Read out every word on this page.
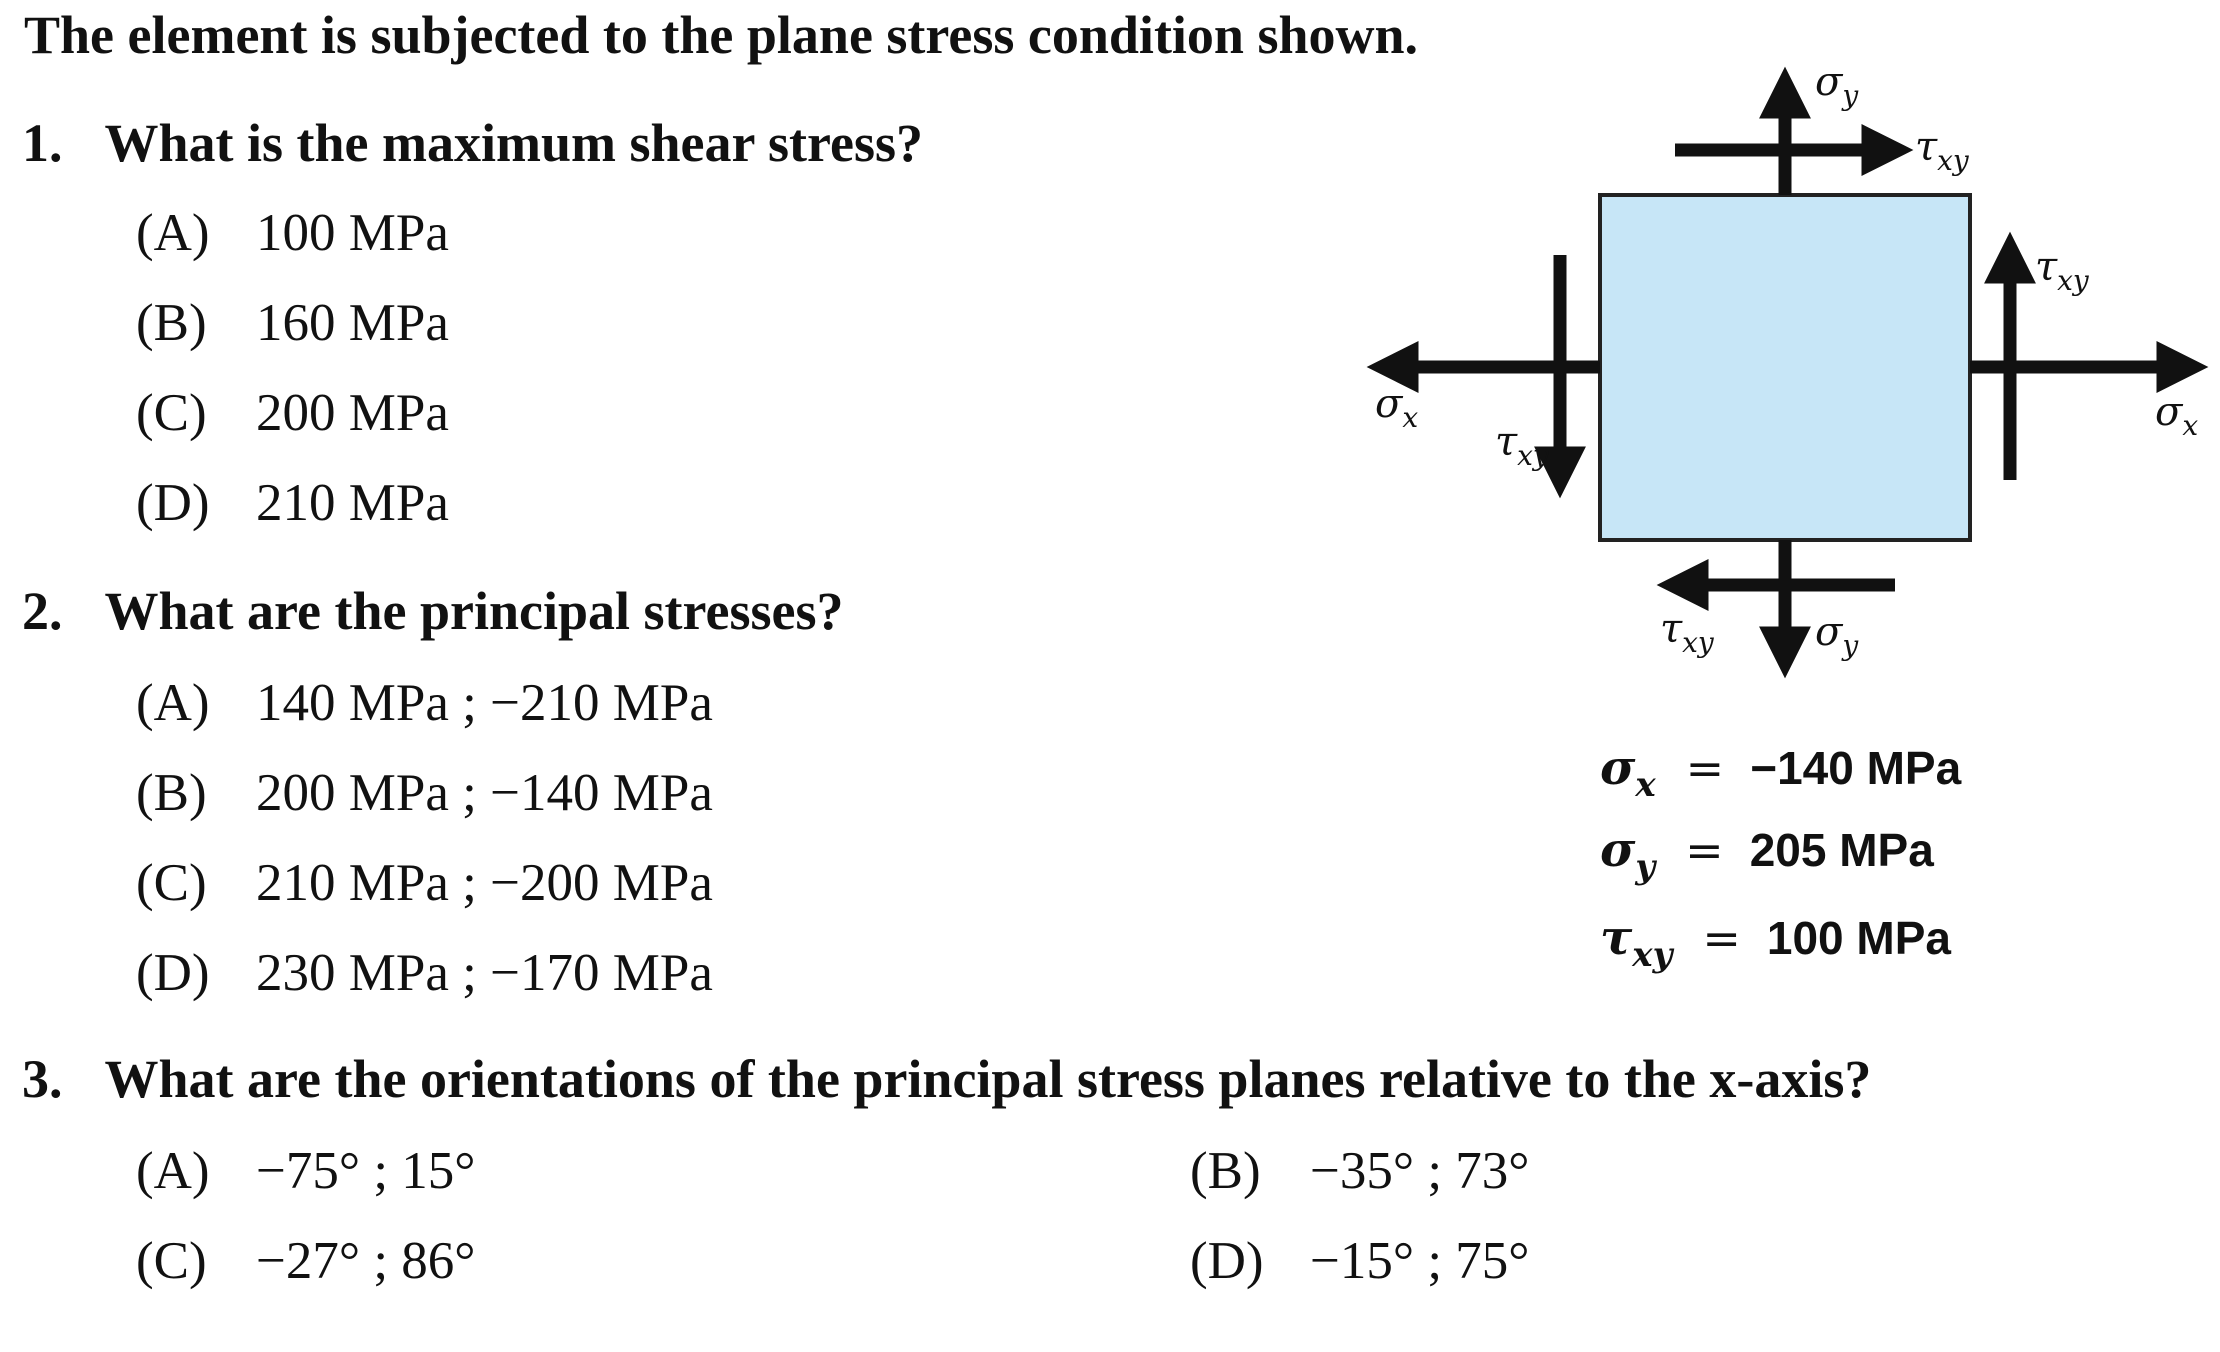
The element is subjected to the plane stress condition shown.
1. What is the maximum shear stress?
(A) 100 MPa
(B) 160 MPa
(C) 200 MPa
(D) 210 MPa
2. What are the principal stresses?
(A) 140 MPa ; −210 MPa
(B) 200 MPa ; −140 MPa
(C) 210 MPa ; −200 MPa
(D) 230 MPa ; −170 MPa
3. What are the orientations of the principal stress planes relative to the x-axis?
(A) −75° ; 15°	(B) −35° ; 73°
(C) −27° ; 86°	(D) −15° ; 75°
$\sigma_y$
$\tau_{xy}$
$\tau_{xy}$
$\sigma_x$
$\sigma_x$
$\tau_{xy}$
$\tau_{xy}$	$\sigma_y$
$\sigma_x = -140$ MPa
$\sigma_y = 205$ MPa
$\tau_{xy} = 100$ MPa
